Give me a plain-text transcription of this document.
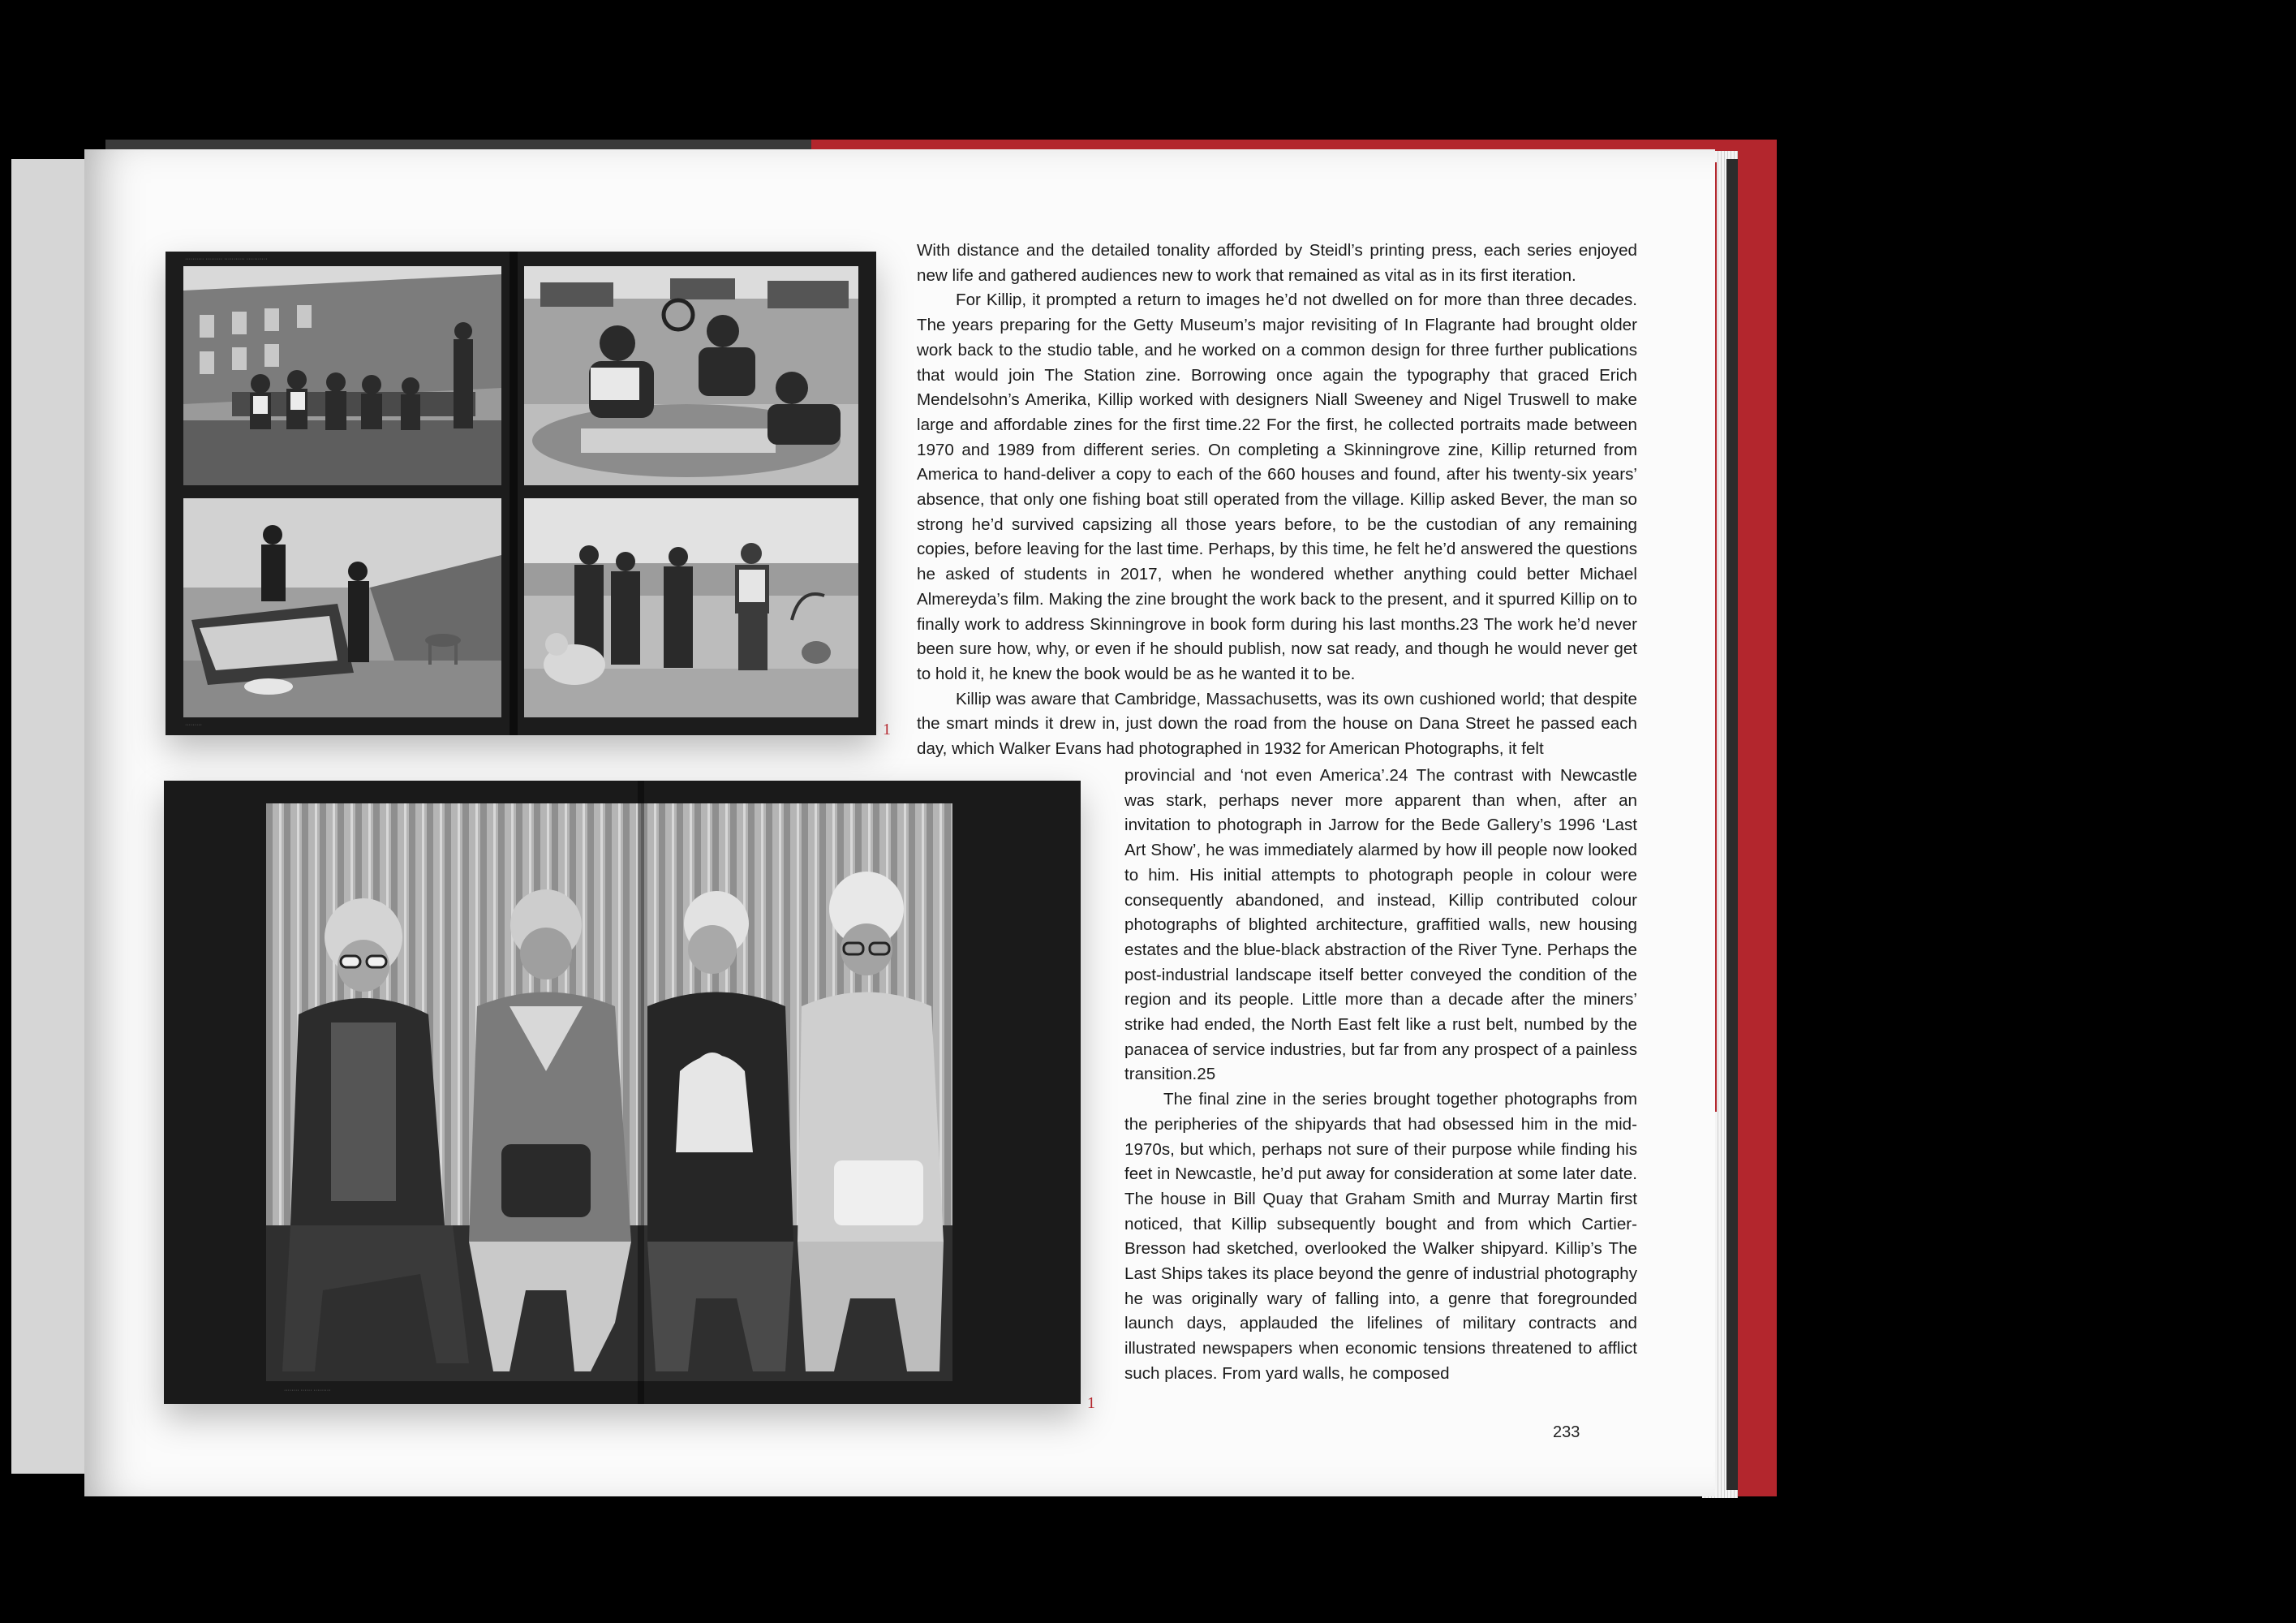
·········· ········· ··········· ···········
·········	1
········ ······ ·········
1

With distance and the detailed tonality afforded by Steidl’s printing press, each series enjoyed new life and gathered audiences new to work that remained as vital as in its first iteration.

For Killip, it prompted a return to images he’d not dwelled on for more than three decades. The years preparing for the Getty Museum’s major revisiting of In Flagrante had brought older work back to the studio table, and he worked on a common design for three further publications that would join The Station zine. Borrowing once again the typography that graced Erich Mendelsohn’s Amerika, Killip worked with designers Niall Sweeney and Nigel Truswell to make large and affordable zines for the first time.22 For the first, he collected portraits made between 1970 and 1989 from different series. On completing a Skinningrove zine, Killip returned from America to hand-deliver a copy to each of the 660 houses and found, after his twenty-six years’ absence, that only one fishing boat still operated from the village. Killip asked Bever, the man so strong he’d survived capsizing all those years before, to be the custodian of any remaining copies, before leaving for the last time. Perhaps, by this time, he felt he’d answered the questions he asked of students in 2017, when he wondered whether anything could better Michael Almereyda’s film. Making the zine brought the work back to the present, and it spurred Killip on to finally work to address Skinningrove in book form during his last months.23 The work he’d never been sure how, why, or even if he should publish, now sat ready, and though he would never get to hold it, he knew the book would be as he wanted it to be.

Killip was aware that Cambridge, Massachusetts, was its own cushioned world; that despite the smart minds it drew in, just down the road from the house on Dana Street he passed each day, which Walker Evans had photographed in 1932 for American Photographs, it felt

provincial and ‘not even America’.24 The contrast with Newcastle was stark, perhaps never more apparent than when, after an invitation to photograph in Jarrow for the Bede Gallery’s 1996 ‘Last Art Show’, he was immediately alarmed by how ill people now looked to him. His initial attempts to photograph people in colour were consequently abandoned, and instead, Killip contributed colour photographs of blighted architecture, graffitied walls, new housing estates and the blue-black abstraction of the River Tyne. Perhaps the post-industrial landscape itself better conveyed the condition of the region and its people. Little more than a decade after the miners’ strike had ended, the North East felt like a rust belt, numbed by the panacea of service industries, but far from any prospect of a painless transition.25

The final zine in the series brought together photographs from the peripheries of the shipyards that had obsessed him in the mid-1970s, but which, perhaps not sure of their purpose while finding his feet in Newcastle, he’d put away for consideration at some later date. The house in Bill Quay that Graham Smith and Murray Martin first noticed, that Killip subsequently bought and from which Cartier-Bresson had sketched, overlooked the Walker shipyard. Killip’s The Last Ships takes its place beyond the genre of industrial photography he was originally wary of falling into, a genre that foregrounded launch days, applauded the lifelines of military contracts and illustrated newspapers when economic tensions threatened to afflict such places. From yard walls, he composed

233
